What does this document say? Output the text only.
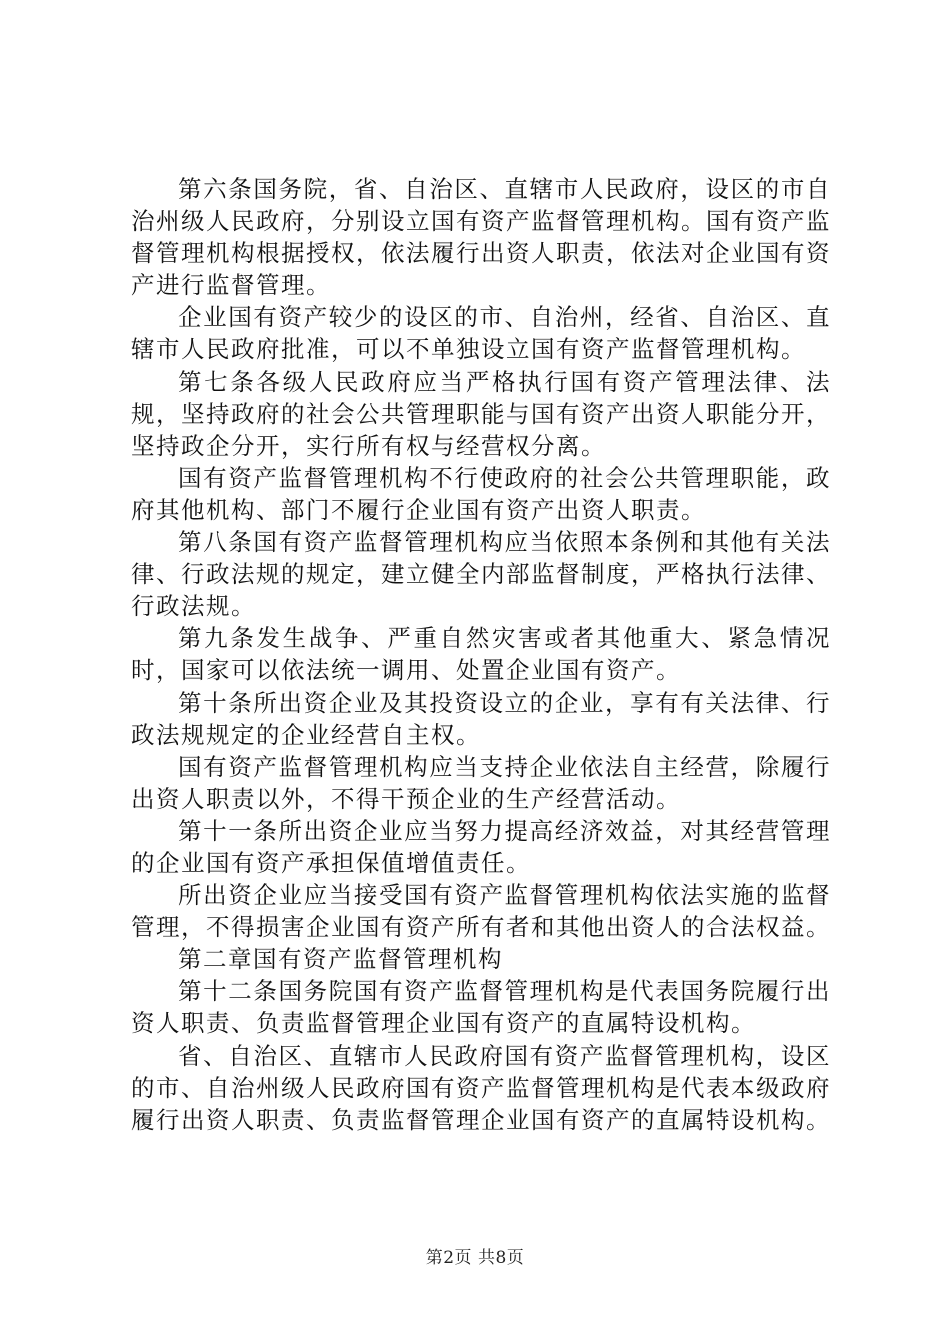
第六条国务院，省、自治区、直辖市人民政府，设区的市自治州级人民政府，分别设立国有资产监督管理机构。国有资产监督管理机构根据授权，依法履行出资人职责，依法对企业国有资产进行监督管理。

企业国有资产较少的设区的市、自治州，经省、自治区、直辖市人民政府批准，可以不单独设立国有资产监督管理机构。

第七条各级人民政府应当严格执行国有资产管理法律、法规，坚持政府的社会公共管理职能与国有资产出资人职能分开，坚持政企分开，实行所有权与经营权分离。

国有资产监督管理机构不行使政府的社会公共管理职能，政府其他机构、部门不履行企业国有资产出资人职责。

第八条国有资产监督管理机构应当依照本条例和其他有关法律、行政法规的规定，建立健全内部监督制度，严格执行法律、行政法规。

第九条发生战争、严重自然灾害或者其他重大、紧急情况时，国家可以依法统一调用、处置企业国有资产。

第十条所出资企业及其投资设立的企业，享有有关法律、行政法规规定的企业经营自主权。

国有资产监督管理机构应当支持企业依法自主经营，除履行出资人职责以外，不得干预企业的生产经营活动。

第十一条所出资企业应当努力提高经济效益，对其经营管理的企业国有资产承担保值增值责任。

所出资企业应当接受国有资产监督管理机构依法实施的监督管理，不得损害企业国有资产所有者和其他出资人的合法权益。

第二章国有资产监督管理机构

第十二条国务院国有资产监督管理机构是代表国务院履行出资人职责、负责监督管理企业国有资产的直属特设机构。

省、自治区、直辖市人民政府国有资产监督管理机构，设区的市、自治州级人民政府国有资产监督管理机构是代表本级政府履行出资人职责、负责监督管理企业国有资产的直属特设机构。

第2页 共8页
